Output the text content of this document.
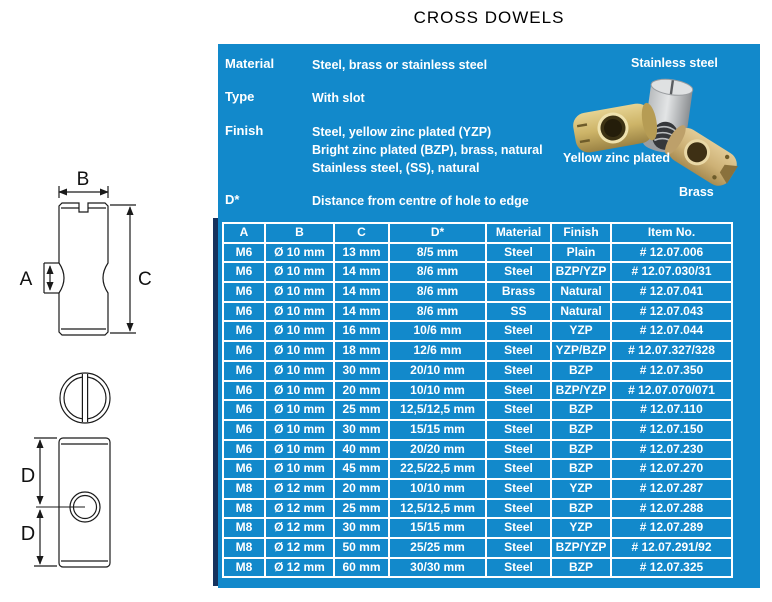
CROSS DOWELS
B
A	C
D
D
Material	Steel, brass or stainless steel
Type	With slot
Finish	Steel, yellow zinc plated (YZP)
Bright zinc plated (BZP), brass, natural
Stainless steel, (SS), natural
D*	Distance from centre of hole to edge
Stainless steel
Yellow zinc plated
Brass
A	B	C	D*	Material	Finish	Item No.
M6	Ø 10 mm	13 mm	8/5 mm	Steel	Plain	# 12.07.006
M6	Ø 10 mm	14 mm	8/6 mm	Steel	BZP/YZP	# 12.07.030/31
M6	Ø 10 mm	14 mm	8/6 mm	Brass	Natural	# 12.07.041
M6	Ø 10 mm	14 mm	8/6 mm	SS	Natural	# 12.07.043
M6	Ø 10 mm	16 mm	10/6 mm	Steel	YZP	# 12.07.044
M6	Ø 10 mm	18 mm	12/6 mm	Steel	YZP/BZP	# 12.07.327/328
M6	Ø 10 mm	30 mm	20/10 mm	Steel	BZP	# 12.07.350
M6	Ø 10 mm	20 mm	10/10 mm	Steel	BZP/YZP	# 12.07.070/071
M6	Ø 10 mm	25 mm	12,5/12,5 mm	Steel	BZP	# 12.07.110
M6	Ø 10 mm	30 mm	15/15 mm	Steel	BZP	# 12.07.150
M6	Ø 10 mm	40 mm	20/20 mm	Steel	BZP	# 12.07.230
M6	Ø 10 mm	45 mm	22,5/22,5 mm	Steel	BZP	# 12.07.270
M8	Ø 12 mm	20 mm	10/10 mm	Steel	YZP	# 12.07.287
M8	Ø 12 mm	25 mm	12,5/12,5 mm	Steel	BZP	# 12.07.288
M8	Ø 12 mm	30 mm	15/15 mm	Steel	YZP	# 12.07.289
M8	Ø 12 mm	50 mm	25/25 mm	Steel	BZP/YZP	# 12.07.291/92
M8	Ø 12 mm	60 mm	30/30 mm	Steel	BZP	# 12.07.325
